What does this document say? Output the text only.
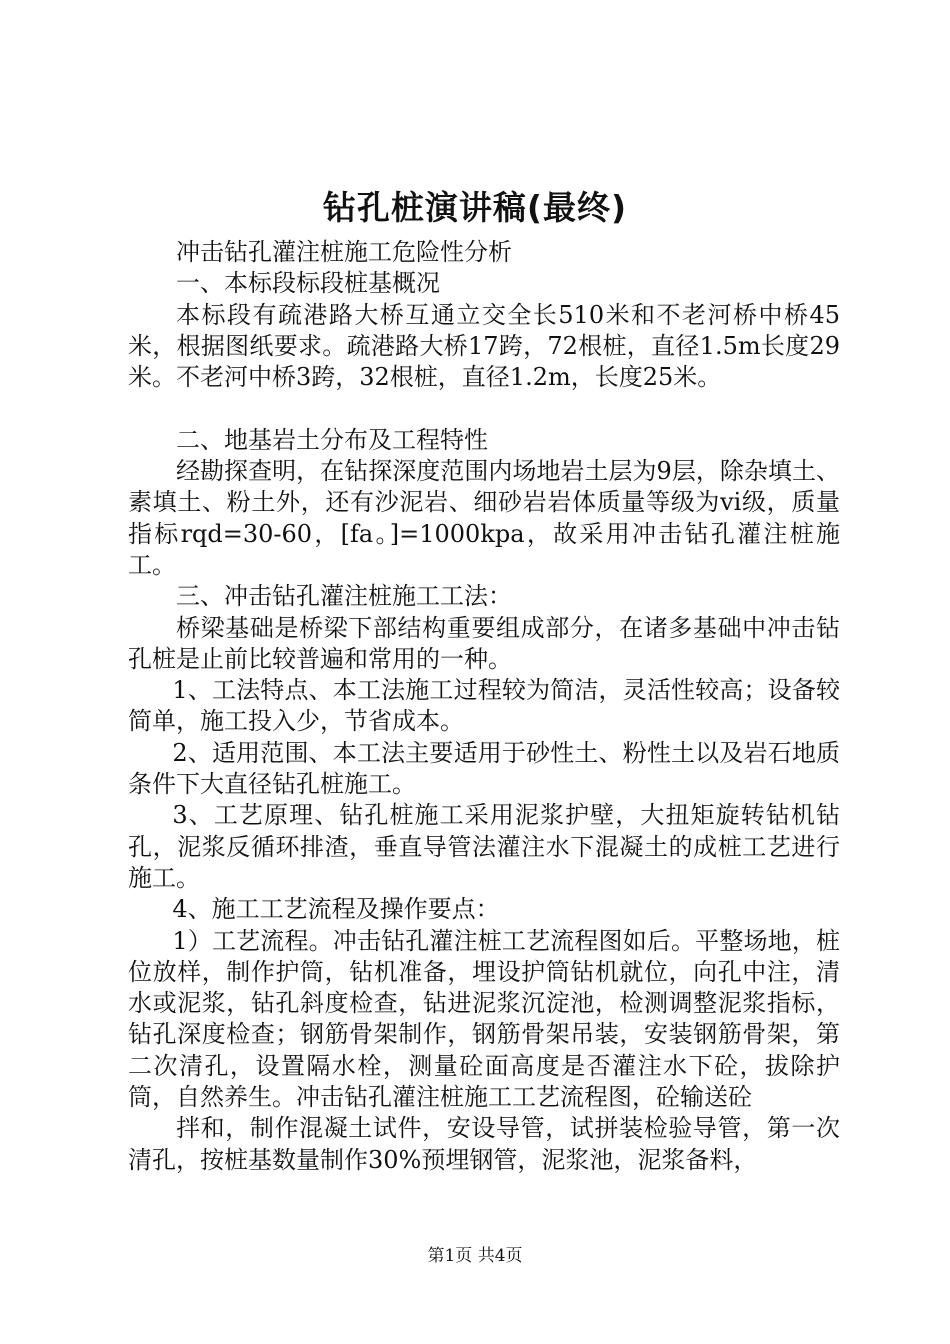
钻孔桩演讲稿(最终)

冲击钻孔灌注桩施工危险性分析

一、本标段标段桩基概况

本标段有疏港路大桥互通立交全长510米和不老河桥中桥45米，根据图纸要求。疏港路大桥17跨，72根桩，直径1.5m长度29米。不老河中桥3跨，32根桩，直径1.2m，长度25米。

二、地基岩土分布及工程特性

经勘探查明，在钻探深度范围内场地岩土层为9层，除杂填土、素填土、粉土外，还有沙泥岩、细砂岩岩体质量等级为vi级，质量指标rqd=30-60，[fa。]=1000kpa，故采用冲击钻孔灌注桩施工。

三、冲击钻孔灌注桩施工工法：

桥梁基础是桥梁下部结构重要组成部分，在诸多基础中冲击钻孔桩是止前比较普遍和常用的一种。

1、工法特点、本工法施工过程较为简洁，灵活性较高；设备较简单，施工投入少，节省成本。

2、适用范围、本工法主要适用于砂性土、粉性土以及岩石地质条件下大直径钻孔桩施工。

3、工艺原理、钻孔桩施工采用泥浆护壁，大扭矩旋转钻机钻孔，泥浆反循环排渣，垂直导管法灌注水下混凝土的成桩工艺进行施工。

4、施工工艺流程及操作要点：

1）工艺流程。冲击钻孔灌注桩工艺流程图如后。平整场地，桩位放样，制作护筒，钻机准备，埋设护筒钻机就位，向孔中注，清水或泥浆，钻孔斜度检查，钻进泥浆沉淀池，检测调整泥浆指标，钻孔深度检查；钢筋骨架制作，钢筋骨架吊装，安装钢筋骨架，第二次清孔，设置隔水栓，测量砼面高度是否灌注水下砼，拔除护筒，自然养生。冲击钻孔灌注桩施工工艺流程图，砼输送砼

拌和，制作混凝土试件，安设导管，试拼装检验导管，第一次清孔，按桩基数量制作30%预埋钢管，泥浆池，泥浆备料，

第1页 共4页
